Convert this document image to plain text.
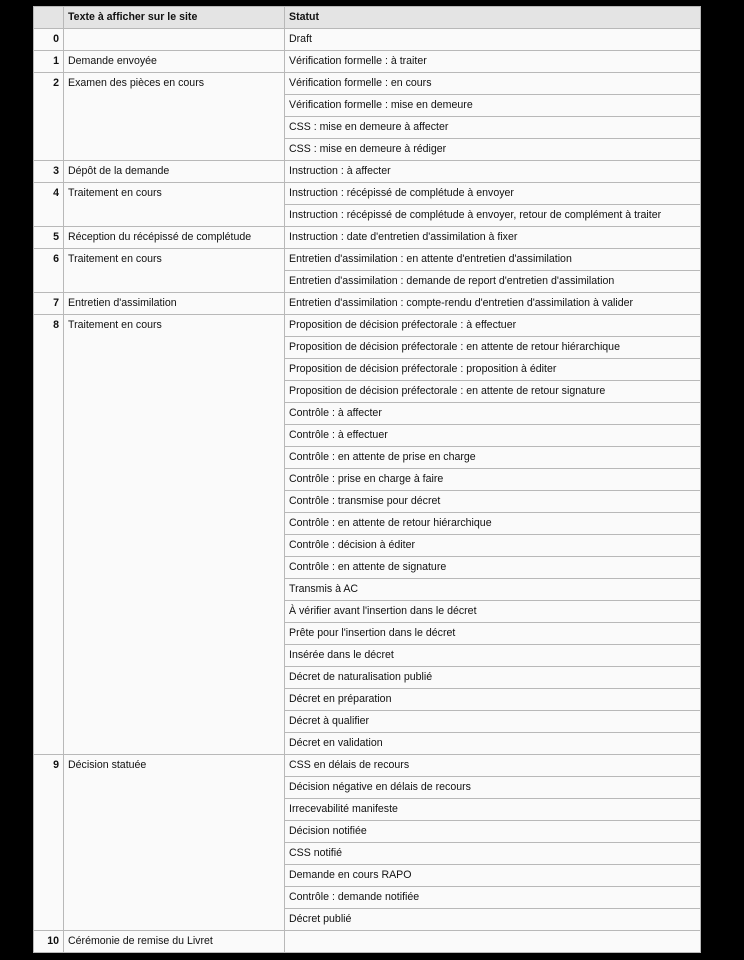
	Texte à afficher sur le site	Statut
0		Draft
1	Demande envoyée	Vérification formelle : à traiter
2	Examen des pièces en cours	Vérification formelle : en cours
		Vérification formelle : mise en demeure
		CSS : mise en demeure à affecter
		CSS : mise en demeure à rédiger
3	Dépôt de la demande	Instruction : à affecter
4	Traitement en cours	Instruction : récépissé de complétude à envoyer
		Instruction : récépissé de complétude à envoyer, retour de complément à traiter
5	Réception du récépissé de complétude	Instruction : date d'entretien d'assimilation à fixer
6	Traitement en cours	Entretien d'assimilation : en attente d'entretien d'assimilation
		Entretien d'assimilation : demande de report d'entretien d'assimilation
7	Entretien d'assimilation	Entretien d'assimilation : compte-rendu d'entretien d'assimilation à valider
8	Traitement en cours	Proposition de décision préfectorale : à effectuer
		Proposition de décision préfectorale : en attente de retour hiérarchique
		Proposition de décision préfectorale : proposition à éditer
		Proposition de décision préfectorale : en attente de retour signature
		Contrôle : à affecter
		Contrôle : à effectuer
		Contrôle : en attente de prise en charge
		Contrôle : prise en charge à faire
		Contrôle : transmise pour décret
		Contrôle : en attente de retour hiérarchique
		Contrôle : décision à éditer
		Contrôle : en attente de signature
		Transmis à AC
		À vérifier avant l'insertion dans le décret
		Prête pour l'insertion dans le décret
		Insérée dans le décret
		Décret de naturalisation publié
		Décret en préparation
		Décret à qualifier
		Décret en validation
9	Décision statuée	CSS en délais de recours
		Décision négative en délais de recours
		Irrecevabilité manifeste
		Décision notifiée
		CSS notifié
		Demande en cours RAPO
		Contrôle : demande notifiée
		Décret publié
10	Cérémonie de remise du Livret	
